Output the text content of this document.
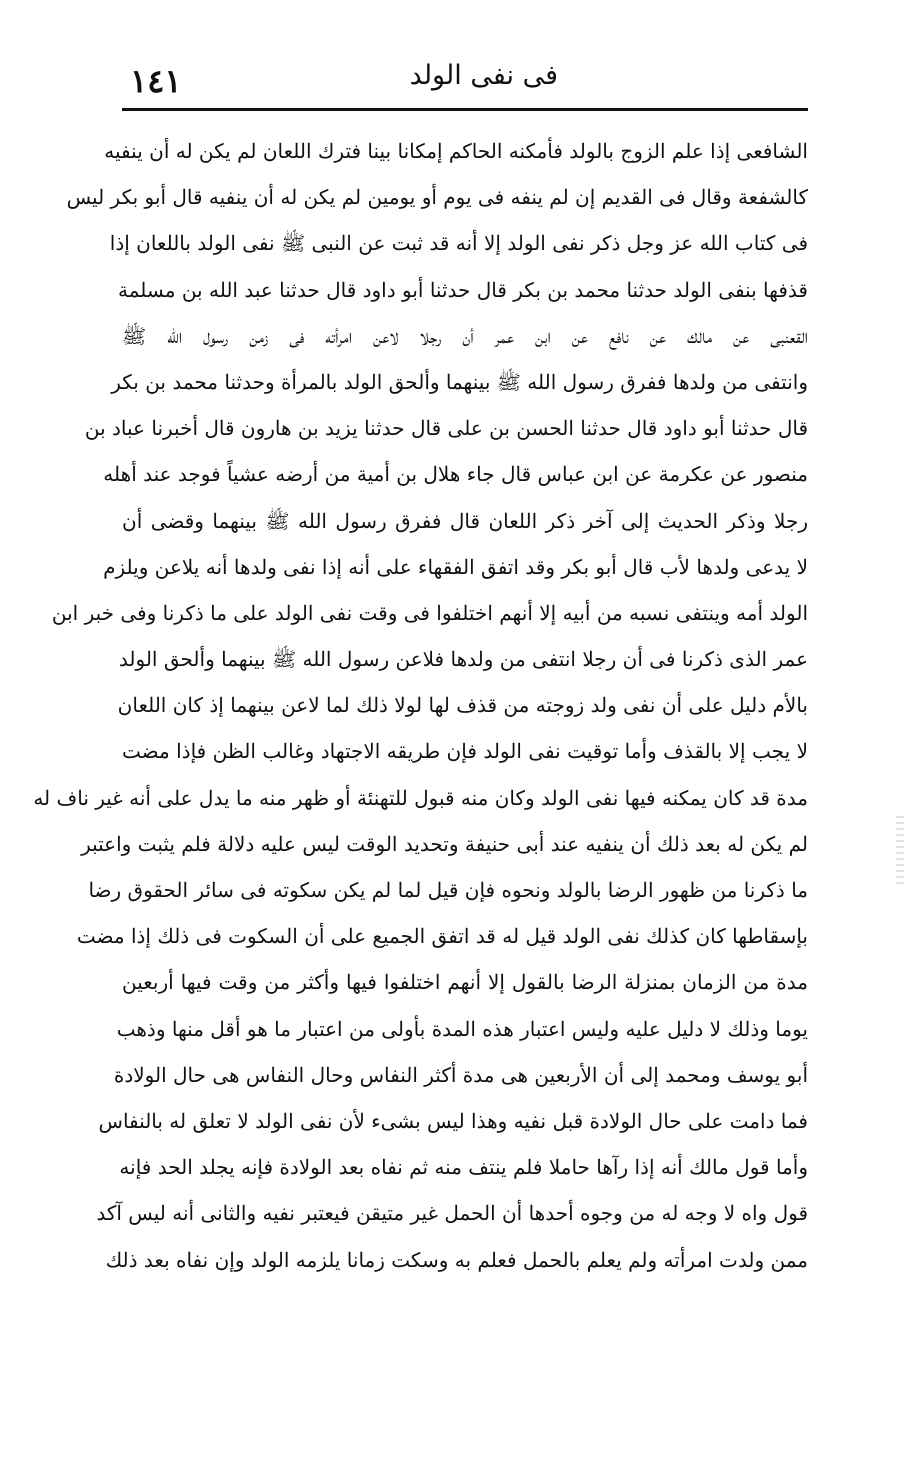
١٤١	فى نفى الولد
الشافعى إذا علم الزوج بالولد فأمكنه الحاكم إمكانا بينا فترك اللعان لم يكن له أن ينفيه
كالشفعة وقال فى القديم إن لم ينفه فى يوم أو يومين لم يكن له أن ينفيه قال أبو بكر ليس
فى كتاب الله عز وجل ذكر نفى الولد إلا أنه قد ثبت عن النبى ﷺ نفى الولد باللعان إذا
قذفها بنفى الولد حدثنا محمد بن بكر قال حدثنا أبو داود قال حدثنا عبد الله بن مسلمة
القعنبى عن مالك عن نافع عن ابن عمر أن رجلا لاعن امرأته فى زمن رسول الله ﷺ
وانتفى من ولدها ففرق رسول الله ﷺ بينهما وألحق الولد بالمرأة وحدثنا محمد بن بكر
قال حدثنا أبو داود قال حدثنا الحسن بن على قال حدثنا يزيد بن هارون قال أخبرنا عباد بن
منصور عن عكرمة عن ابن عباس قال جاء هلال بن أمية من أرضه عشياً فوجد عند أهله
رجلا وذكر الحديث إلى آخر ذكر اللعان قال ففرق رسول الله ﷺ بينهما وقضى أن
لا يدعى ولدها لأب قال أبو بكر وقد اتفق الفقهاء على أنه إذا نفى ولدها أنه يلاعن ويلزم
الولد أمه وينتفى نسبه من أبيه إلا أنهم اختلفوا فى وقت نفى الولد على ما ذكرنا وفى خبر ابن
عمر الذى ذكرنا فى أن رجلا انتفى من ولدها فلاعن رسول الله ﷺ بينهما وألحق الولد
بالأم دليل على أن نفى ولد زوجته من قذف لها لولا ذلك لما لاعن بينهما إذ كان اللعان
لا يجب إلا بالقذف وأما توقيت نفى الولد فإن طريقه الاجتهاد وغالب الظن فإذا مضت
مدة قد كان يمكنه فيها نفى الولد وكان منه قبول للتهنئة أو ظهر منه ما يدل على أنه غير ناف له
لم يكن له بعد ذلك أن ينفيه عند أبى حنيفة وتحديد الوقت ليس عليه دلالة فلم يثبت واعتبر
ما ذكرنا من ظهور الرضا بالولد ونحوه فإن قيل لما لم يكن سكوته فى سائر الحقوق رضا
بإسقاطها كان كذلك نفى الولد قيل له قد اتفق الجميع على أن السكوت فى ذلك إذا مضت
مدة من الزمان بمنزلة الرضا بالقول إلا أنهم اختلفوا فيها وأكثر من وقت فيها أربعين
يوما وذلك لا دليل عليه وليس اعتبار هذه المدة بأولى من اعتبار ما هو أقل منها وذهب
أبو يوسف ومحمد إلى أن الأربعين هى مدة أكثر النفاس وحال النفاس هى حال الولادة
فما دامت على حال الولادة قبل نفيه وهذا ليس بشىء لأن نفى الولد لا تعلق له بالنفاس
وأما قول مالك أنه إذا رآها حاملا فلم ينتف منه ثم نفاه بعد الولادة فإنه يجلد الحد فإنه
قول واه لا وجه له من وجوه أحدها أن الحمل غير متيقن فيعتبر نفيه والثانى أنه ليس آكد
ممن ولدت امرأته ولم يعلم بالحمل فعلم به وسكت زمانا يلزمه الولد وإن نفاه بعد ذلك
